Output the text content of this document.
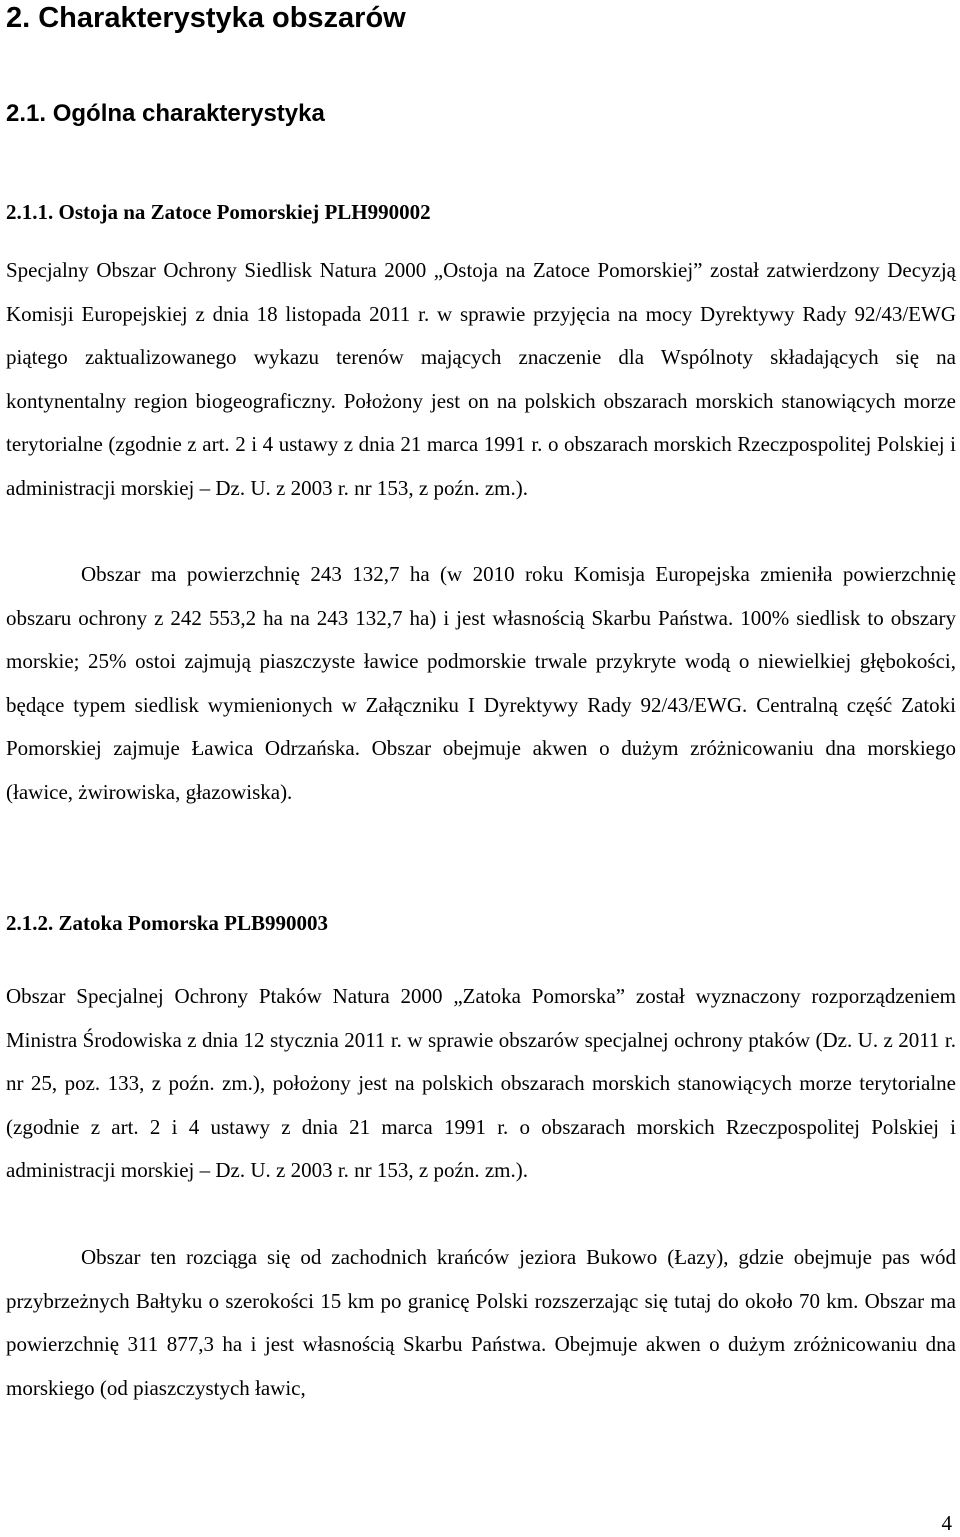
2. Charakterystyka obszarów
2.1. Ogólna charakterystyka
2.1.1. Ostoja na Zatoce Pomorskiej PLH990002

Specjalny Obszar Ochrony Siedlisk Natura 2000 „Ostoja na Zatoce Pomorskiej” został zatwierdzony Decyzją Komisji Europejskiej z dnia 18 listopada 2011 r. w sprawie przyjęcia na mocy Dyrektywy Rady 92/43/EWG piątego zaktualizowanego wykazu terenów mających znaczenie dla Wspólnoty składających się na kontynentalny region biogeograficzny. Położony jest on na polskich obszarach morskich stanowiących morze terytorialne (zgodnie z art. 2 i 4 ustawy z dnia 21 marca 1991 r. o obszarach morskich Rzeczpospolitej Polskiej i administracji morskiej – Dz. U. z 2003 r. nr 153, z poźn. zm.).

Obszar ma powierzchnię 243 132,7 ha (w 2010 roku Komisja Europejska zmieniła powierzchnię obszaru ochrony z 242 553,2 ha na 243 132,7 ha) i jest własnością Skarbu Państwa. 100% siedlisk to obszary morskie; 25% ostoi zajmują piaszczyste ławice podmorskie trwale przykryte wodą o niewielkiej głębokości, będące typem siedlisk wymienionych w Załączniku I Dyrektywy Rady 92/43/EWG. Centralną część Zatoki Pomorskiej zajmuje Ławica Odrzańska. Obszar obejmuje akwen o dużym zróżnicowaniu dna morskiego (ławice, żwirowiska, głazowiska).

2.1.2. Zatoka Pomorska PLB990003

Obszar Specjalnej Ochrony Ptaków Natura 2000 „Zatoka Pomorska” został wyznaczony rozporządzeniem Ministra Środowiska z dnia 12 stycznia 2011 r. w sprawie obszarów specjalnej ochrony ptaków (Dz. U. z 2011 r. nr 25, poz. 133, z poźn. zm.), położony jest na polskich obszarach morskich stanowiących morze terytorialne (zgodnie z art. 2 i 4 ustawy z dnia 21 marca 1991 r. o obszarach morskich Rzeczpospolitej Polskiej i administracji morskiej – Dz. U. z 2003 r. nr 153, z poźn. zm.).

Obszar ten rozciąga się od zachodnich krańców jeziora Bukowo (Łazy), gdzie obejmuje pas wód przybrzeżnych Bałtyku o szerokości 15 km po granicę Polski rozszerzając się tutaj do około 70 km. Obszar ma powierzchnię 311 877,3 ha i jest własnością Skarbu Państwa. Obejmuje akwen o dużym zróżnicowaniu dna morskiego (od piaszczystych ławic,

4
